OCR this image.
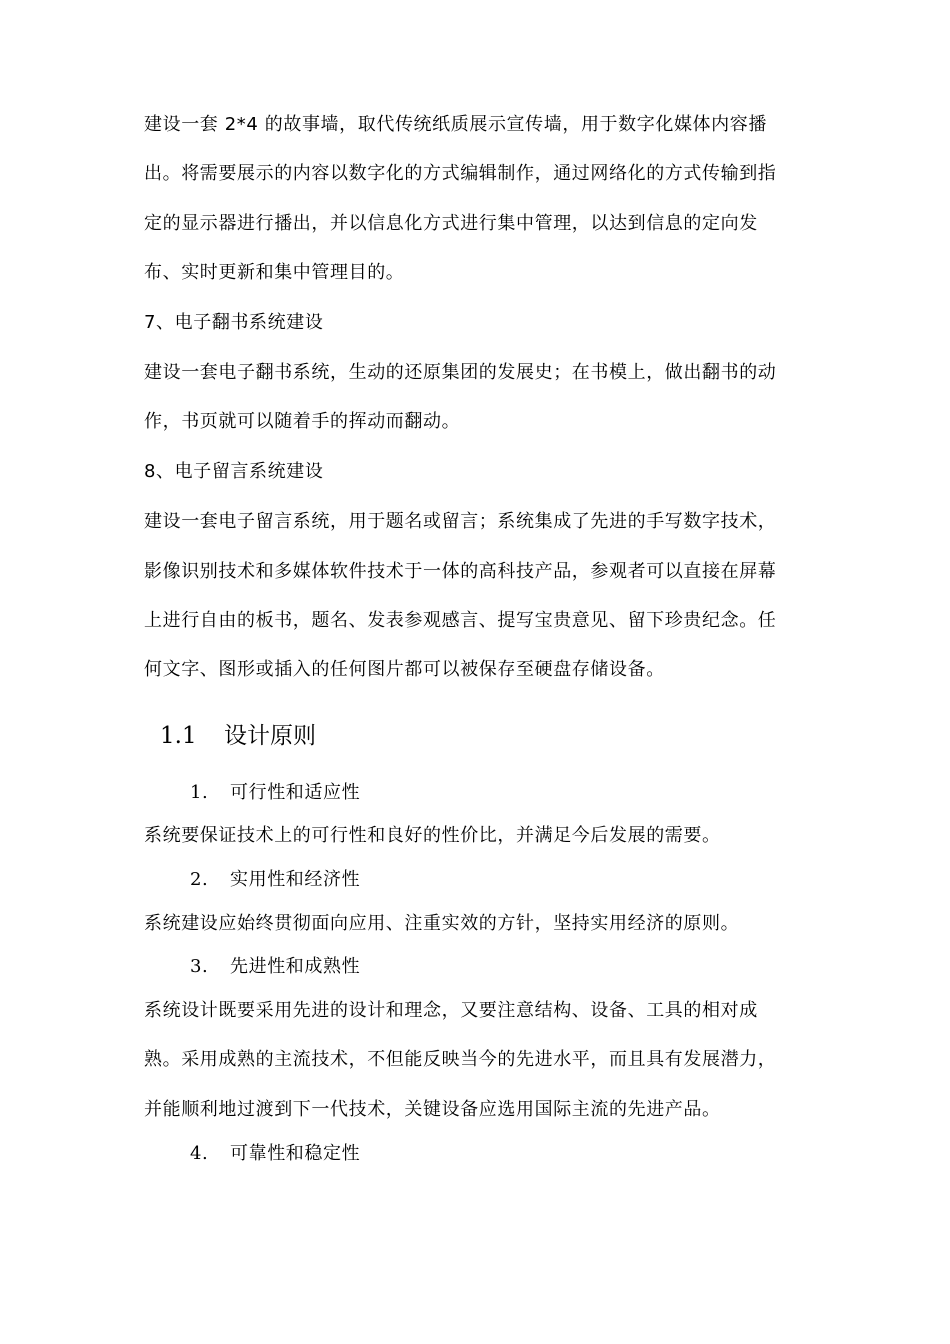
建设一套 2*4 的故事墙，取代传统纸质展示宣传墙，用于数字化媒体内容播
出。将需要展示的内容以数字化的方式编辑制作，通过网络化的方式传输到指
定的显示器进行播出，并以信息化方式进行集中管理，以达到信息的定向发
布、实时更新和集中管理目的。
7、电子翻书系统建设
建设一套电子翻书系统，生动的还原集团的发展史；在书模上，做出翻书的动
作，书页就可以随着手的挥动而翻动。
8、电子留言系统建设
建设一套电子留言系统，用于题名或留言；系统集成了先进的手写数字技术，
影像识别技术和多媒体软件技术于一体的高科技产品，参观者可以直接在屏幕
上进行自由的板书，题名、发表参观感言、提写宝贵意见、留下珍贵纪念。任
何文字、图形或插入的任何图片都可以被保存至硬盘存储设备。
1.1 设计原则
1. 可行性和适应性
系统要保证技术上的可行性和良好的性价比，并满足今后发展的需要。
2. 实用性和经济性
系统建设应始终贯彻面向应用、注重实效的方针，坚持实用经济的原则。
3. 先进性和成熟性
系统设计既要采用先进的设计和理念，又要注意结构、设备、工具的相对成
熟。采用成熟的主流技术，不但能反映当今的先进水平，而且具有发展潜力，
并能顺利地过渡到下一代技术，关键设备应选用国际主流的先进产品。
4. 可靠性和稳定性
